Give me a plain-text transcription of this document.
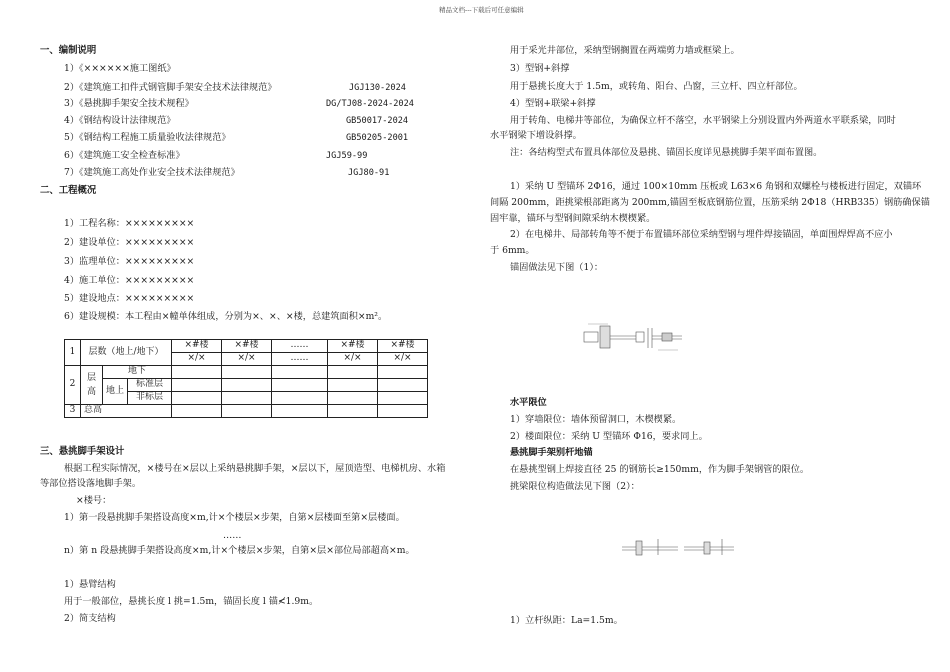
精品文档---下载后可任意编辑
一、编制说明
1）《××××××施工图纸》
2）《建筑施工扣件式钢管脚手架安全技术法律规范》	JGJ130-2024
3）《悬挑脚手架安全技术规程》	DG/TJ08-2024-2024
4）《钢结构设计法律规范》	GB50017-2024
5）《钢结构工程施工质量验收法律规范》	GB50205-2001
6）《建筑施工安全检查标准》	JGJ59-99
7）《建筑施工高处作业安全技术法律规范》	JGJ80-91
二、工程概况
1）工程名称：×××××××××
2）建设单位：×××××××××
3）监理单位：×××××××××
4）施工单位：×××××××××
5）建设地点：×××××××××
6）建设规模：本工程由×幢单体组成，分别为×、×、×楼，总建筑面积×m²。
1	层数（地上/地下）			×#楼	×#楼	……	×#楼	×#楼
				×/×	×/×	……	×/×	×/×
2	层高	地下						
		地上	标准层					
			非标层					
3	总高							
三、悬挑脚手架设计
根据工程实际情况，×楼号在×层以上采纳悬挑脚手架，×层以下，屋顶造型、电梯机房、水箱
等部位搭设落地脚手架。
×楼号：
1）第一段悬挑脚手架搭设高度×m,计×个楼层×步架，自第×层楼面至第×层楼面。
……
n）第 n 段悬挑脚手架搭设高度×m,计×个楼层×步架，自第×层×部位局部超高×m。
1）悬臂结构
用于一般部位，悬挑长度 l 挑=1.5m，锚固长度 l 锚≮1.9m。
2）简支结构
用于采光井部位，采纳型钢搁置在两端剪力墙或框梁上。
3）型钢+斜撑
用于悬挑长度大于 1.5m，或转角、阳台、凸窗，三立杆、四立杆部位。
4）型钢+联梁+斜撑
用于转角、电梯井等部位，为确保立杆不落空，水平钢梁上分别设置内外两道水平联系梁，同时
水平钢梁下增设斜撑。
注：各结构型式布置具体部位及悬挑、锚固长度详见悬挑脚手架平面布置图。
1）采纳 U 型锚环 2Φ16，通过 100×10mm 压板或 L63×6 角钢和双螺栓与楼板进行固定，双锚环
间隔 200mm，距挑梁根部距离为 200mm,锚固至板底钢筋位置，压筋采纳 2Φ18（HRB335）钢筋确保锚
固牢靠，锚环与型钢间隙采纳木楔楔紧。
2）在电梯井、局部转角等不便于布置锚环部位采纳型钢与埋件焊接锚固，单面围焊焊高不应小
于 6mm。
锚固做法见下图（1）：
水平限位
1）穿墙限位：墙体预留洞口，木楔楔紧。
2）楼面限位：采纳 U 型锚环 Φ16，要求同上。
悬挑脚手架别杆地锚
在悬挑型钢上焊接直径 25 的钢筋长≥150mm，作为脚手架钢管的限位。
挑梁限位构造做法见下图（2）：
1）立杆纵距：La=1.5m。
